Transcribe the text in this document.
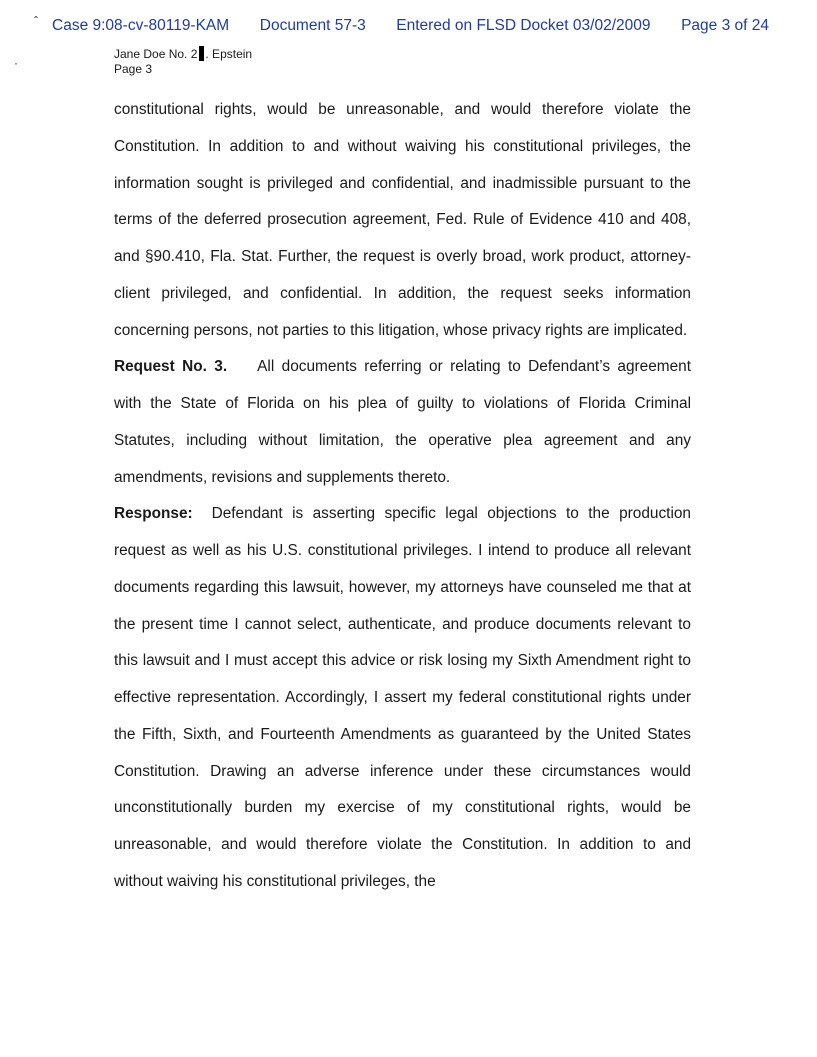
ˆ
·
Case 9:08-cv-80119-KAM Document 57-3 Entered on FLSD Docket 03/02/2009 Page 3 of 24
Jane Doe No. 2 . Epstein
Page 3

constitutional rights, would be unreasonable, and would therefore violate the Constitution. In addition to and without waiving his constitutional privileges, the information sought is privileged and confidential, and inadmissible pursuant to the terms of the deferred prosecution agreement, Fed. Rule of Evidence 410 and 408, and §90.410, Fla. Stat. Further, the request is overly broad, work product, attorney-client privileged, and confidential. In addition, the request seeks information concerning persons, not parties to this litigation, whose privacy rights are implicated.

Request No. 3. All documents referring or relating to Defendant’s agreement with the State of Florida on his plea of guilty to violations of Florida Criminal Statutes, including without limitation, the operative plea agreement and any amendments, revisions and supplements thereto.

Response: Defendant is asserting specific legal objections to the production request as well as his U.S. constitutional privileges. I intend to produce all relevant documents regarding this lawsuit, however, my attorneys have counseled me that at the present time I cannot select, authenticate, and produce documents relevant to this lawsuit and I must accept this advice or risk losing my Sixth Amendment right to effective representation. Accordingly, I assert my federal constitutional rights under the Fifth, Sixth, and Fourteenth Amendments as guaranteed by the United States Constitution. Drawing an adverse inference under these circumstances would unconstitutionally burden my exercise of my constitutional rights, would be unreasonable, and would therefore violate the Constitution. In addition to and without waiving his constitutional privileges, the
